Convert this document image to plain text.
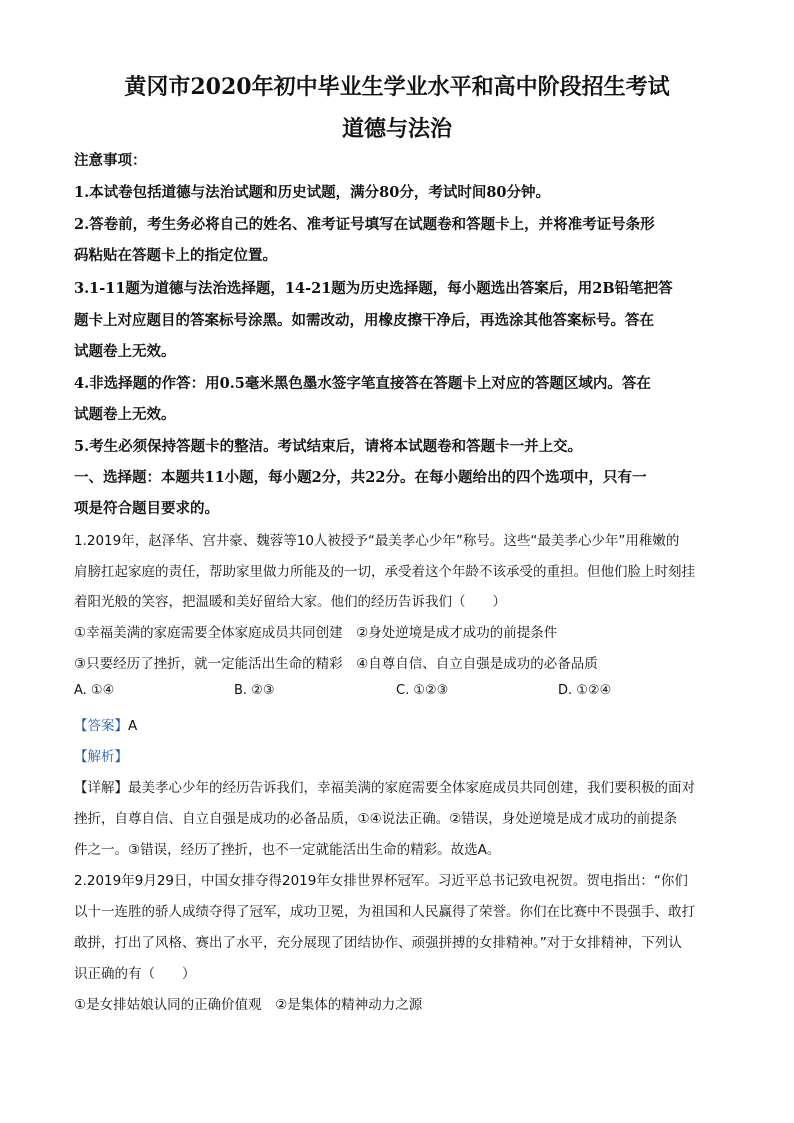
黄冈市2020年初中毕业生学业水平和高中阶段招生考试
道德与法治
注意事项：
1.本试卷包括道德与法治试题和历史试题，满分80分，考试时间80分钟。
2.答卷前，考生务必将自己的姓名、准考证号填写在试题卷和答题卡上，并将准考证号条形
码粘贴在答题卡上的指定位置。
3.1-11题为道德与法治选择题，14-21题为历史选择题，每小题选出答案后，用2B铅笔把答
题卡上对应题目的答案标号涂黑。如需改动，用橡皮擦干净后，再选涂其他答案标号。答在
试题卷上无效。
4.非选择题的作答：用0.5毫米黑色墨水签字笔直接答在答题卡上对应的答题区域内。答在
试题卷上无效。
5.考生必须保持答题卡的整洁。考试结束后，请将本试题卷和答题卡一并上交。
一、选择题：本题共11小题，每小题2分，共22分。在每小题给出的四个选项中，只有一
项是符合题目要求的。
1.2019年，赵泽华、宫井豪、魏蓉等10人被授予“最美孝心少年”称号。这些“最美孝心少年”用稚嫩的
肩膀扛起家庭的责任，帮助家里做力所能及的一切，承受着这个年龄不该承受的重担。但他们脸上时刻挂
着阳光般的笑容，把温暖和美好留给大家。他们的经历告诉我们（　　）
①幸福美满的家庭需要全体家庭成员共同创建　②身处逆境是成才成功的前提条件
③只要经历了挫折，就一定能活出生命的精彩　④自尊自信、自立自强是成功的必备品质
A. ①④	B. ②③	C. ①②③	D. ①②④
【答案】A
【解析】
【详解】最美孝心少年的经历告诉我们，幸福美满的家庭需要全体家庭成员共同创建，我们要积极的面对
挫折，自尊自信、自立自强是成功的必备品质，①④说法正确。②错误，身处逆境是成才成功的前提条
件之一。③错误，经历了挫折，也不一定就能活出生命的精彩。故选A。
2.2019年9月29日，中国女排夺得2019年女排世界杯冠军。习近平总书记致电祝贺。贺电指出：“你们
以十一连胜的骄人成绩夺得了冠军，成功卫冕，为祖国和人民赢得了荣誉。你们在比赛中不畏强手、敢打
敢拼，打出了风格、赛出了水平，充分展现了团结协作、顽强拼搏的女排精神。”对于女排精神，下列认
识正确的有（　　）
①是女排姑娘认同的正确价值观　②是集体的精神动力之源
